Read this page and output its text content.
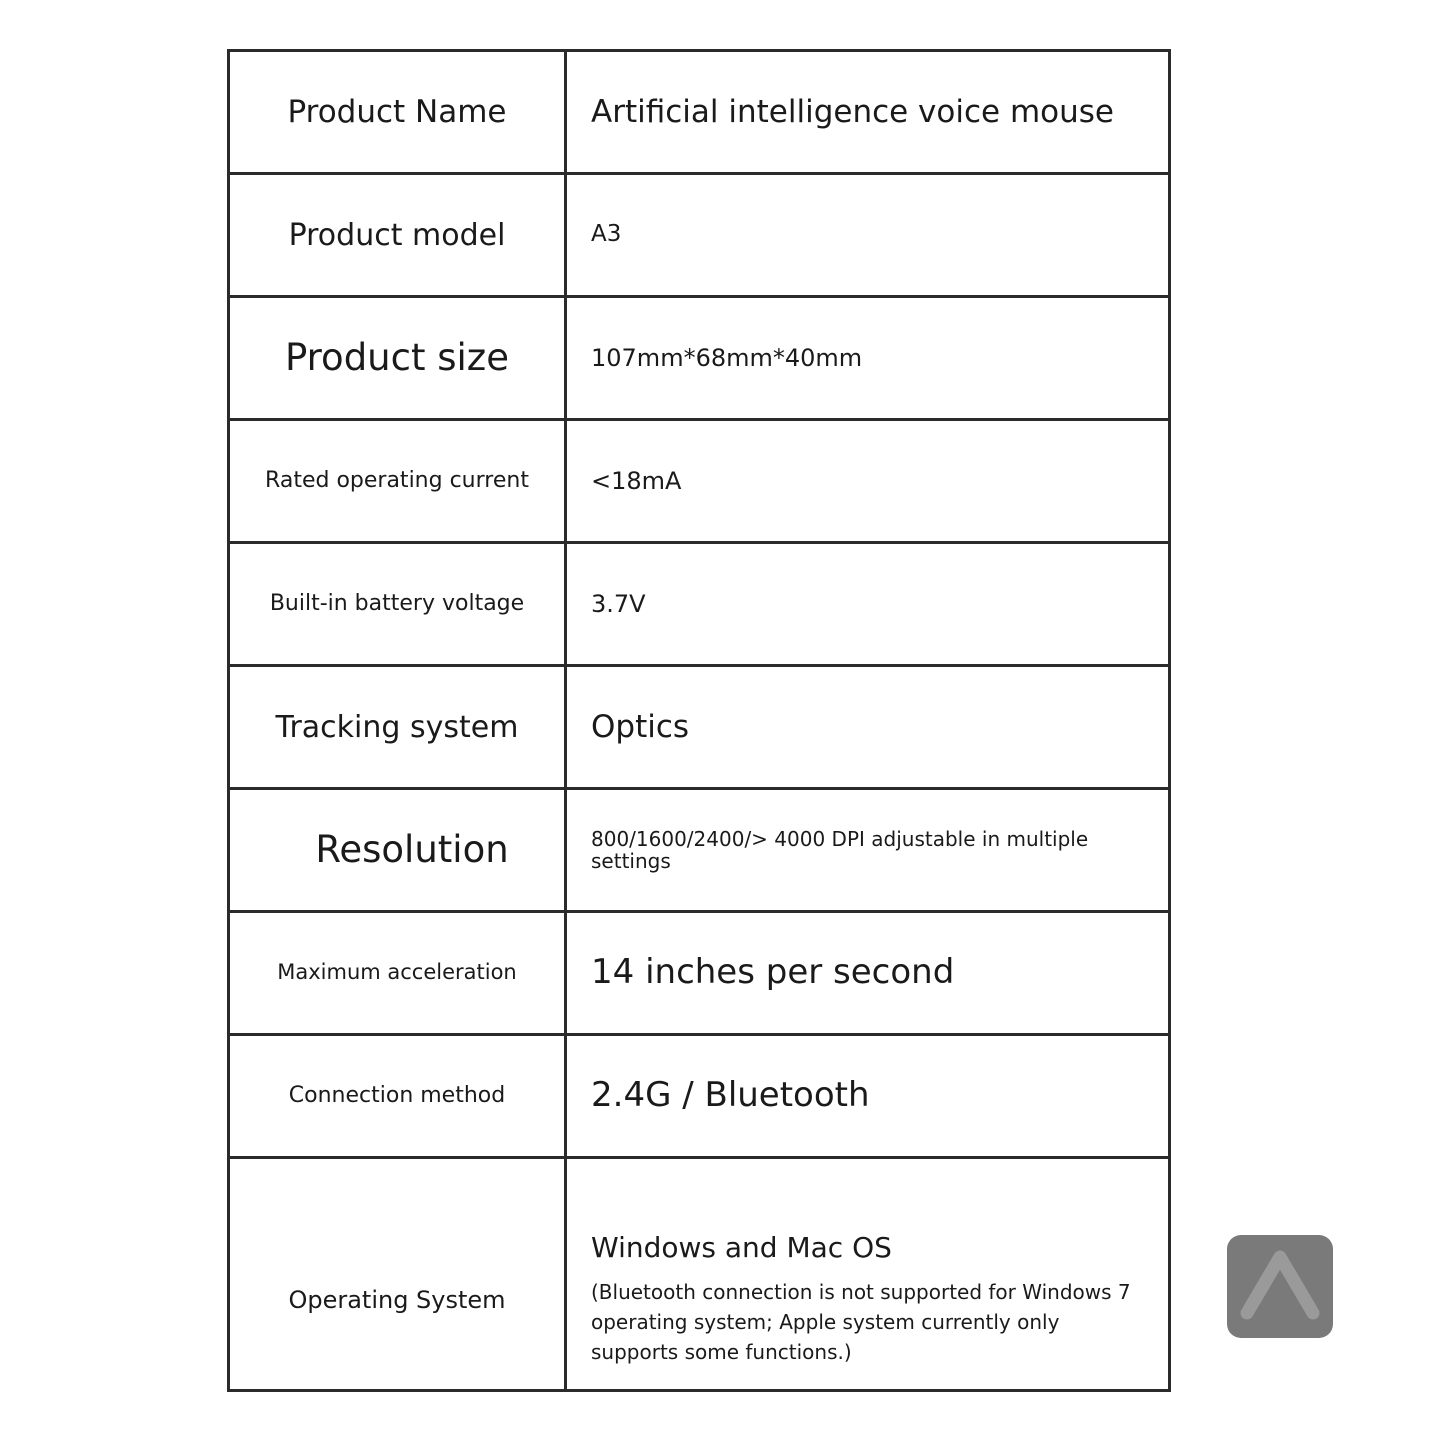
Product Name	Artificial intelligence voice mouse
Product model	A3
Product size	107mm*68mm*40mm
Rated operating current	<18mA
Built-in battery voltage	3.7V
Tracking system	Optics
Resolution	800/1600/2400/> 4000 DPI adjustable in multiple settings
Maximum acceleration	14 inches per second
Connection method	2.4G / Bluetooth
Operating System	Windows and Mac OS (Bluetooth connection is not supported for Windows 7 operating system; Apple system currently only supports some functions.)
